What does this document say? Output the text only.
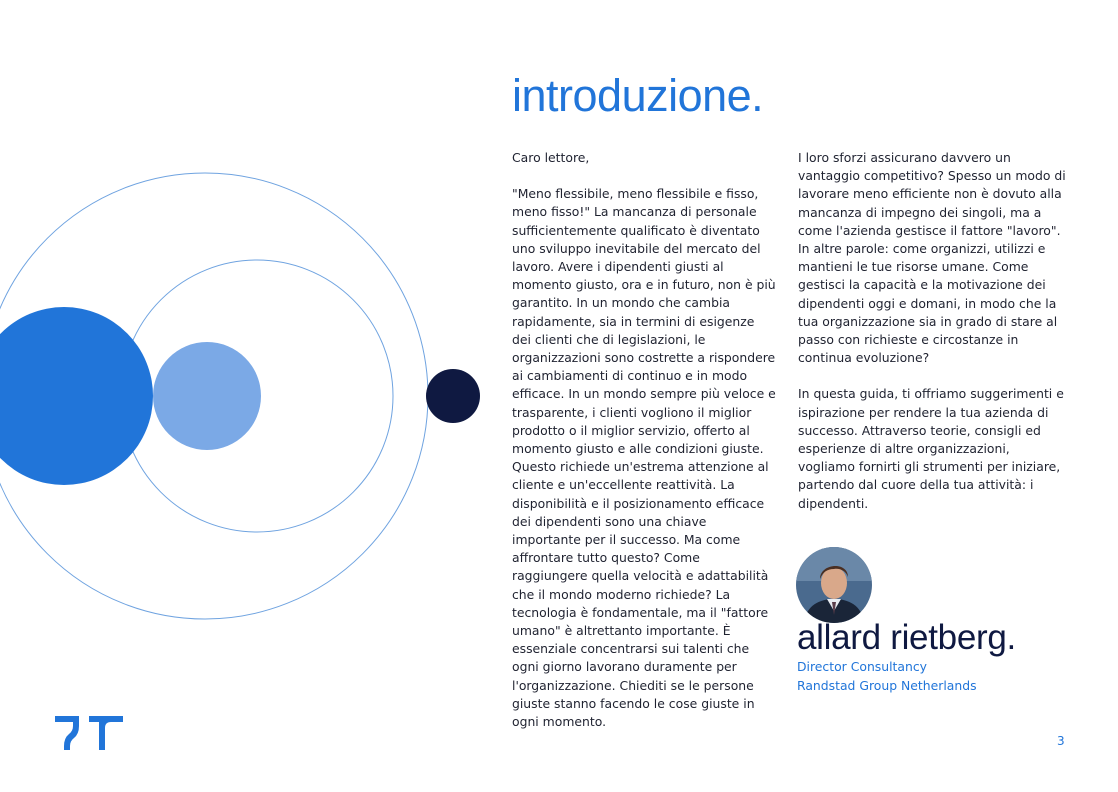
introduzione.

Caro lettore,

"Meno flessibile, meno flessibile e fisso, meno fisso!" La mancanza di personale sufficientemente qualificato è diventato uno sviluppo inevitabile del mercato del lavoro. Avere i dipendenti giusti al momento giusto, ora e in futuro, non è più garantito. In un mondo che cambia rapidamente, sia in termini di esigenze dei clienti che di legislazioni, le organizzazioni sono costrette a rispondere ai cambiamenti di continuo e in modo efficace. In un mondo sempre più veloce e trasparente, i clienti vogliono il miglior prodotto o il miglior servizio, offerto al momento giusto e alle condizioni giuste. Questo richiede un'estrema attenzione al cliente e un'eccellente reattività. La disponibilità e il posizionamento efficace dei dipendenti sono una chiave importante per il successo. Ma come affrontare tutto questo? Come raggiungere quella velocità e adattabilità che il mondo moderno richiede? La tecnologia è fondamentale, ma il "fattore umano" è altrettanto importante. È essenziale concentrarsi sui talenti che ogni giorno lavorano duramente per l'organizzazione. Chiediti se le persone giuste stanno facendo le cose giuste in ogni momento.

I loro sforzi assicurano davvero un vantaggio competitivo? Spesso un modo di lavorare meno efficiente non è dovuto alla mancanza di impegno dei singoli, ma a come l'azienda gestisce il fattore "lavoro". In altre parole: come organizzi, utilizzi e mantieni le tue risorse umane. Come gestisci la capacità e la motivazione dei dipendenti oggi e domani, in modo che la tua organizzazione sia in grado di stare al passo con richieste e circostanze in continua evoluzione?

In questa guida, ti offriamo suggerimenti e ispirazione per rendere la tua azienda di successo. Attraverso teorie, consigli ed esperienze di altre organizzazioni, vogliamo fornirti gli strumenti per iniziare, partendo dal cuore della tua attività: i dipendenti.

allard rietberg.
Director Consultancy
Randstad Group Netherlands
3
